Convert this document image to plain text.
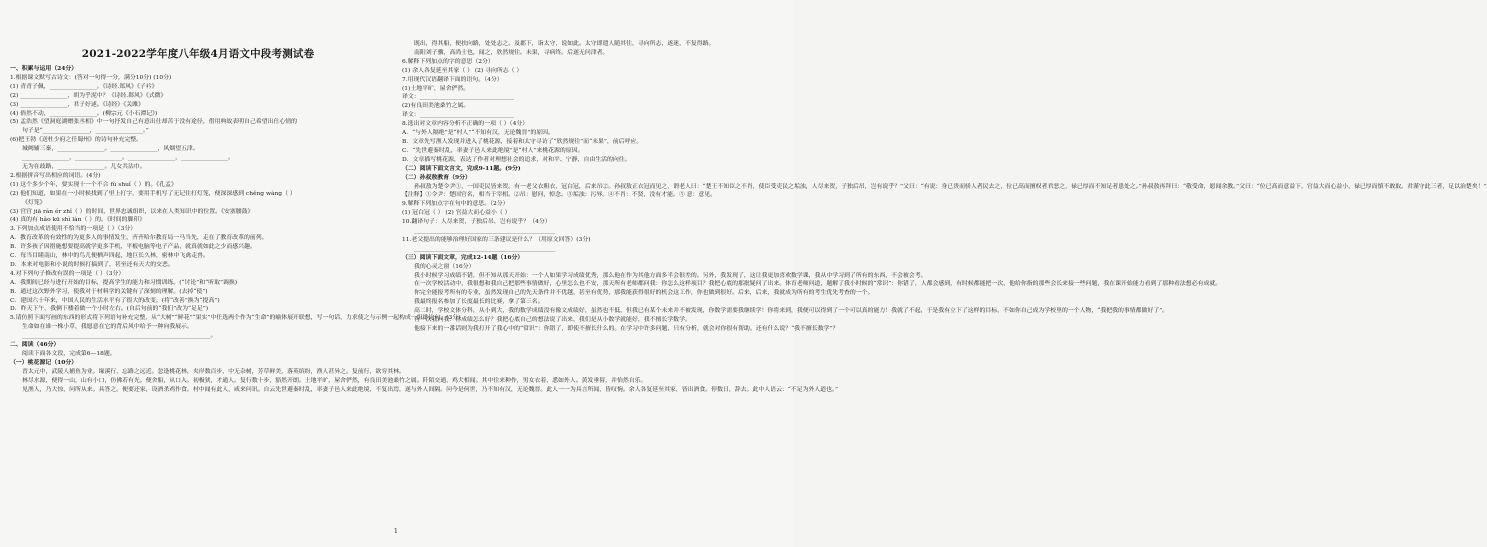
2021-2022学年度八年级4月语文中段考测试卷
一、积累与运用（24分）
1.根据课文默写古诗文：(答对一句得一分，满分10分) (10分)
(1) 青青子佩，________________。《诗经.郑风》《子衿》
(2) ________________，胡为乎泥中？《诗经.邶风》《式微》
(3) ________________，君子好逑。《诗经》《关雎》
(4) 俗然不动，________________。(柳宗元《小石潭记》)
(5) 孟浩然《望洞庭湖赠张丞相》中一句抒发自己有意出仕却苦于没有途径，借用典故表明自己希望出仕心情的
句子是“________________，________________。”
(6)把王勃《送杜少府之任蜀州》的诗句补充完整。
城阙辅三秦，________________。________________，风烟望五津。
________________，________________。________________，________________。
无为在歧路，________________。儿女共沾巾。
2.根据拼音写出相应的词语。(4分)
(1) 这个多少个年，要实现十一个不合 fù shuǐ（ ）的。《孔孟》
(2) 他们知道，如果在一小时候找到了里上打字，要用手机写了无记住打灯笼，便深深感到 chěng wàng（ ）
《灯笼》
(3) 宫宫 jiā rán ér zhǐ（ ）的时间，世界忠诚组织，以来在人类知识中的位置。《安塞腰鼓》
(4) 真的有 hǎo kū shì làn（ ）的。《时间的脚印》
3.下列加点成语使用不恰当的一项是（ ）（3分）
A．教育改革的有效性的为更多人的事情发生，齐齐哈尔教育局一马当先，走在了教育改革的前列。
B．许多孩子因措施想要提高就学更多手机，平板电脑等电子产品，就真就如此之少而感兴趣。
C．每当目睹南山，林中的鸟儿便栖声四起，地巨长久林，密林中飞禽走兽。
D．本来对电影和小说的时候打搞到了，甚至还有天大的交恶。
4.对下列句子修改有误的一项是（ ）（3分）
A．我期间已经与进行开始的目标，提高学生的能力和习惯训练。(“讨论”和“听取”调换)
B．通过这次野外学习，使我对于材料学的关键有了深刻的理解。(去掉“使”)
C．建国六十年来，中国人民的生活水平有了很大的改变。(将“改善”换为“提高”)
D．昨天下午，我俩下楼着做一个小时左右。(自后句前的“我们”改为“足足”)
5.请仿照下面写画的东西的形式将下列语句补充完整，从“大树”“鲜花”“果实”中任选两个作为“生命”的喻体展开联想，写一句话，力求使之与示例一起构成一组排比句。(3分)
生命如在谁一株小草，我愿意在它的背后风中给予一种向我展示。
________________________________________________________________。
二、阅读（46分）
阅读下面各文段，完成第6—18题。
（一）桃花源记（10分）
晋太元中，武陵人捕鱼为业。缘溪行，忘路之远近。忽逢桃花林，夹岸数百步，中无杂树，芳草鲜美，落英缤纷，渔人甚异之。复前行，欲穷其林。
林尽水源，便得一山，山有小口，仿佛若有光。便舍船，从口入。初极狭，才通人。复行数十步，豁然开朗。土地平旷，屋舍俨然，有良田美池桑竹之属。阡陌交通，鸡犬相闻。其中往来种作，男女衣着，悉如外人。黄发垂髫，并怡然自乐。
见渔人，乃大惊，问所从来。具答之。便要还家，设酒杀鸡作食。村中闻有此人，咸来问讯。自云先世避秦时乱，率妻子邑人来此绝境，不复出焉，遂与外人间隔。问今是何世，乃不知有汉，无论魏晋。此人一一为具言所闻，皆叹惋。余人各复延至其家，皆出酒食。停数日，辞去。此中人语云：“不足为外人道也。”
既出，得其船，便扶向路，处处志之。及郡下，诣太守，说如此。太守即遣人随其往，寻向所志，遂迷，不复得路。
南阳刘子骥，高尚士也，闻之，欣然规往。未果，寻病终。后遂无问津者。
6.解释下列加点的字的意思（2分）
(1) 余人各复延至其家（ ） (2) 寻向所志（ ）
7.用现代汉语翻译下面的语句。（4分）
(1)土地平旷，屋舍俨然。
译文：________________________________
(2)有良田美池桑竹之属。
译文：________________________________
8.选出对文章内容分析不正确的一项（ ）（4分）
A．“与外人隔绝”是“村人”“不知有汉，无论魏晋”的原因。
B．文章先写渔人发现并进入了桃花源，接着和太守寻访了“欣然规往”而“未果”，前后呼应。
C．“先世避秦时乱，率妻子邑人来此绝境”是“村人”来桃花源的原因。
D．文章描写桃花源，表达了作者对理想社会的追求，对和平、宁静、自由生活的向往。
（二）阅读下面文言文，完成9-11题。(9分)
（二）孙叔敖教育（9分）
孙叔敖为楚令尹①，一国吏民皆来贺。有一老父衣粗衣，冠白冠，后来吊②。孙叔敖正衣冠而见之，谓老人曰：“楚王不知臣之不肖，使臣受吏民之垢浊，人尽来贺，子独后吊，岂有说乎？”父曰：“有说：身已贵而骄人者民去之，位已高而擅权者君恶之，禄已厚而不知足者患处之。”孙叔敖再拜曰：“敬受命，愿闻余教。”父曰：“位已高而意益下，官益大而心益小，禄已厚而慎不敢取。君谨守此三者，足以治楚矣！”
【注释】①令尹：楚国官名，相当于宰相。②吊：慰问，悼念。③垢浊：污辱。④不肖：不贤，没有才能。⑤ 意：意见。
9.解释下列加点字在句中的意思。（2分）
(1) 冠白冠（ ） (2) 官益大而心益小（ ）
10.翻译句子：人尽来贺，子独后吊，岂有说乎？（4分）
________________________________________________
11.老父提出的能够治理好国家的三条建议是什么？（用原文回答）(3分)
________________________________________________
（三）阅读下面文章，完成12-14题（16分）
我的心灵之窗（16分）
我小时候学习成绩不错，但不知从那天开始：一个人如果学习成绩优秀，那么他在作为其他方面多半会很差的。另外，我发现了，这让我更加喜欢数学课，我从中学习到了所有的东西，不会被会考。
在一次学校活动中，我很想和我自己把那些事情做好，心里怎么也不安，那天所有老师都问我：你怎么这样项目？我把心底的那批疑问了出来。体育老师问道，题解了我小时候的“常识”：你错了，人都会感到，有时候都能把一次，他给你指的那些会长来接一些问题，我在课开始能力看到了那种看法想必有成就。
你完全能报考所有的专业，虽然发现自己的先天条件并不优越，甚至有优势，那我能获得很好的机会这工作，你也做到很好。后来，后来，我就成为所有的考生优先考查的一个。
我最终报名参加了长度最长的比赛，拿了第三名。
高二时，学校文体分科，从小到大，我的数学成绩没有像文成绩好，虽然也不低，但我已有某个未来并不被发现，你数学需要我继续学！你将来到，我便可以得到了一个可以真的能力！我就了不起，于是我有立下了这样的目标，不如你自己成为学校里的一个人物，“我把我的事情都做好了”。
有一次我问我：你成绩怎么好？我把心底自己的想法说了出来，我们是从小数学就能好，我不擅长学数学。
他接下来的一番话则为我打开了我心中的“常识”：你错了，即使不擅长什么的。在学习中许多问题，只有分析，就会对你很有帮助。还有什么说？“我不擅长数学”？
1
